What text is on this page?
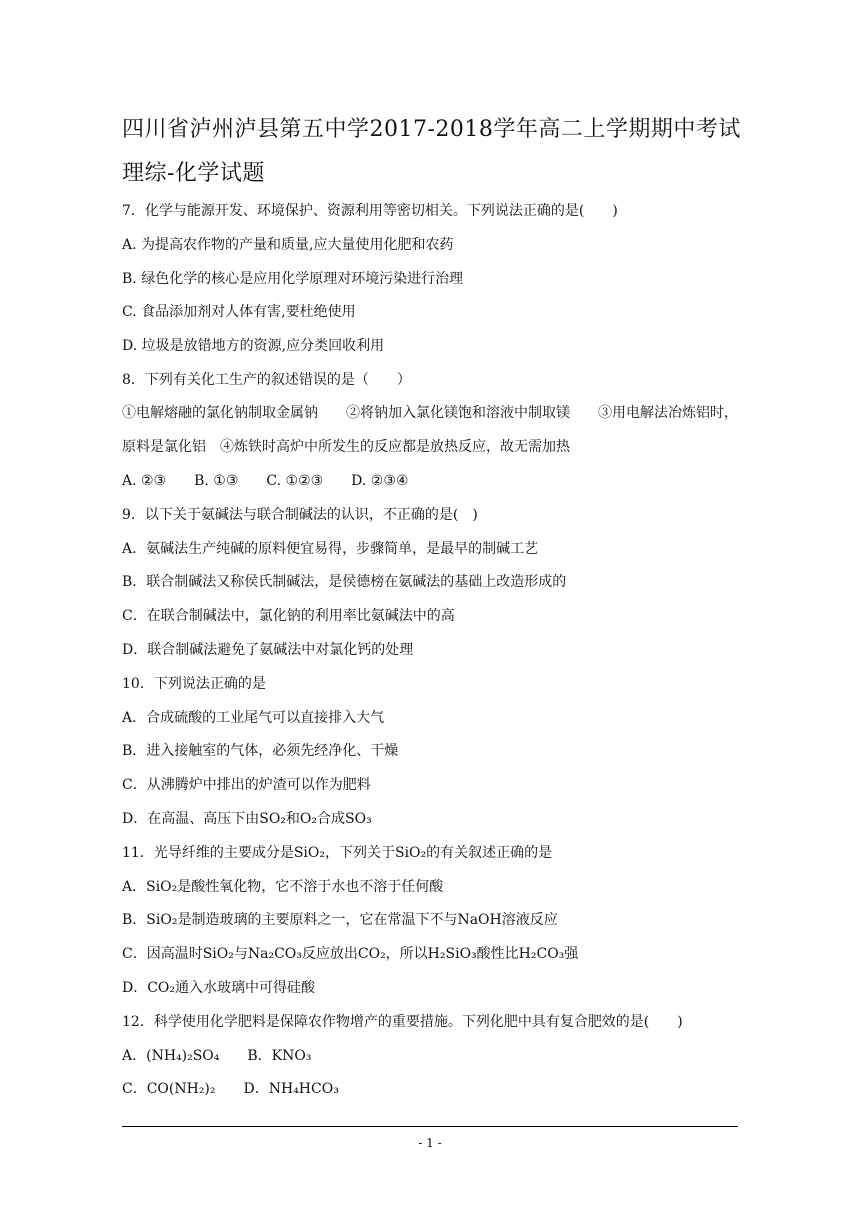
四川省泸州泸县第五中学2017-2018学年高二上学期期中考试理综-化学试题
7．化学与能源开发、环境保护、资源利用等密切相关。下列说法正确的是(　　)
A. 为提高农作物的产量和质量,应大量使用化肥和农药
B. 绿色化学的核心是应用化学原理对环境污染进行治理
C. 食品添加剂对人体有害,要杜绝使用
D. 垃圾是放错地方的资源,应分类回收利用
8．下列有关化工生产的叙述错误的是（　　）
①电解熔融的氯化钠制取金属钠　　②将钠加入氯化镁饱和溶液中制取镁　　③用电解法冶炼铝时，原料是氯化铝　④炼铁时高炉中所发生的反应都是放热反应，故无需加热
A. ②③　　B. ①③　　C. ①②③　　D. ②③④
9．以下关于氨碱法与联合制碱法的认识，不正确的是(　)
A．氨碱法生产纯碱的原料便宜易得，步骤简单，是最早的制碱工艺
B．联合制碱法又称侯氏制碱法，是侯德榜在氨碱法的基础上改造形成的
C．在联合制碱法中，氯化钠的利用率比氨碱法中的高
D．联合制碱法避免了氨碱法中对氯化钙的处理
10．下列说法正确的是
A．合成硫酸的工业尾气可以直接排入大气
B．进入接触室的气体，必须先经净化、干燥
C．从沸腾炉中排出的炉渣可以作为肥料
D．在高温、高压下由SO₂和O₂合成SO₃
11．光导纤维的主要成分是SiO₂，下列关于SiO₂的有关叙述正确的是
A．SiO₂是酸性氧化物，它不溶于水也不溶于任何酸
B．SiO₂是制造玻璃的主要原料之一，它在常温下不与NaOH溶液反应
C．因高温时SiO₂与Na₂CO₃反应放出CO₂，所以H₂SiO₃酸性比H₂CO₃强
D．CO₂通入水玻璃中可得硅酸
12．科学使用化学肥料是保障农作物增产的重要措施。下列化肥中具有复合肥效的是(　　)
A．(NH₄)₂SO₄　　B．KNO₃
C．CO(NH₂)₂　　D．NH₄HCO₃
- 1 -
